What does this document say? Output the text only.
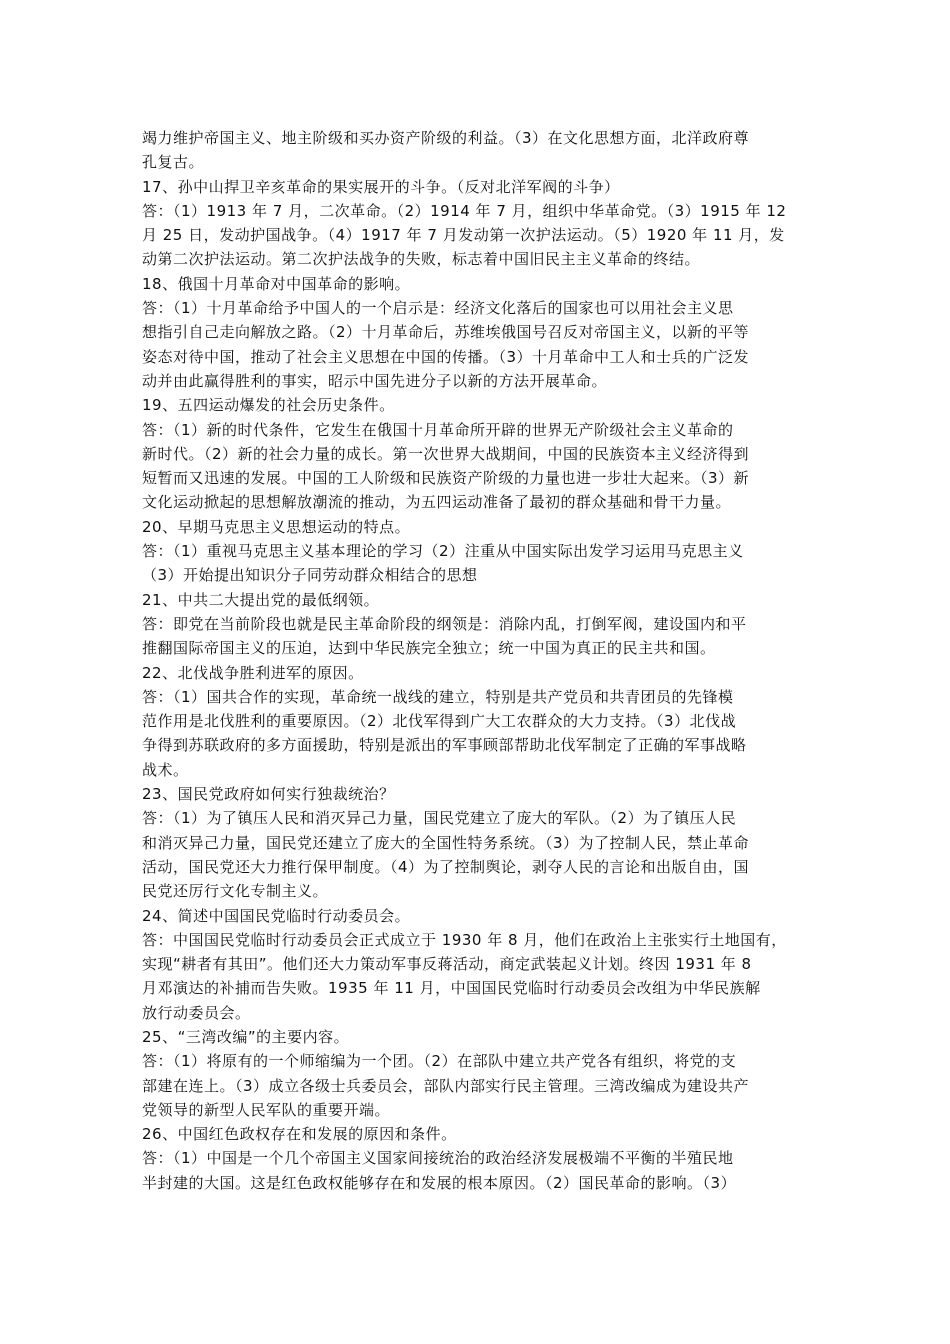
竭力维护帝国主义、地主阶级和买办资产阶级的利益。（3）在文化思想方面，北洋政府尊
孔复古。
17、孙中山捍卫辛亥革命的果实展开的斗争。（反对北洋军阀的斗争）
答：（1）1913 年 7 月，二次革命。（2）1914 年 7 月，组织中华革命党。（3）1915 年 12
月 25 日，发动护国战争。（4）1917 年 7 月发动第一次护法运动。（5）1920 年 11 月，发
动第二次护法运动。第二次护法战争的失败，标志着中国旧民主主义革命的终结。
18、俄国十月革命对中国革命的影响。
答：（1）十月革命给予中国人的一个启示是：经济文化落后的国家也可以用社会主义思
想指引自己走向解放之路。（2）十月革命后，苏维埃俄国号召反对帝国主义，以新的平等
姿态对待中国，推动了社会主义思想在中国的传播。（3）十月革命中工人和士兵的广泛发
动并由此赢得胜利的事实，昭示中国先进分子以新的方法开展革命。
19、五四运动爆发的社会历史条件。
答：（1）新的时代条件，它发生在俄国十月革命所开辟的世界无产阶级社会主义革命的
新时代。（2）新的社会力量的成长。第一次世界大战期间，中国的民族资本主义经济得到
短暂而又迅速的发展。中国的工人阶级和民族资产阶级的力量也进一步壮大起来。（3）新
文化运动掀起的思想解放潮流的推动，为五四运动准备了最初的群众基础和骨干力量。
20、早期马克思主义思想运动的特点。
答：（1）重视马克思主义基本理论的学习（2）注重从中国实际出发学习运用马克思主义
（3）开始提出知识分子同劳动群众相结合的思想
21、中共二大提出党的最低纲领。
答：即党在当前阶段也就是民主革命阶段的纲领是：消除内乱，打倒军阀，建设国内和平
推翻国际帝国主义的压迫，达到中华民族完全独立；统一中国为真正的民主共和国。
22、北伐战争胜利进军的原因。
答：（1）国共合作的实现，革命统一战线的建立，特别是共产党员和共青团员的先锋模
范作用是北伐胜利的重要原因。（2）北伐军得到广大工农群众的大力支持。（3）北伐战
争得到苏联政府的多方面援助，特别是派出的军事顾部帮助北伐军制定了正确的军事战略
战术。
23、国民党政府如何实行独裁统治？
答：（1）为了镇压人民和消灭异己力量，国民党建立了庞大的军队。（2）为了镇压人民
和消灭异己力量，国民党还建立了庞大的全国性特务系统。（3）为了控制人民，禁止革命
活动，国民党还大力推行保甲制度。（4）为了控制舆论，剥夺人民的言论和出版自由，国
民党还厉行文化专制主义。
24、简述中国国民党临时行动委员会。
答：中国国民党临时行动委员会正式成立于 1930 年 8 月，他们在政治上主张实行土地国有，
实现“耕者有其田”。他们还大力策动军事反蒋活动，商定武装起义计划。终因 1931 年 8
月邓演达的补捕而告失败。1935 年 11 月，中国国民党临时行动委员会改组为中华民族解
放行动委员会。
25、“三湾改编”的主要内容。
答：（1）将原有的一个师缩编为一个团。（2）在部队中建立共产党各有组织，将党的支
部建在连上。（3）成立各级士兵委员会，部队内部实行民主管理。三湾改编成为建设共产
党领导的新型人民军队的重要开端。
26、中国红色政权存在和发展的原因和条件。
答：（1）中国是一个几个帝国主义国家间接统治的政治经济发展极端不平衡的半殖民地
半封建的大国。这是红色政权能够存在和发展的根本原因。（2）国民革命的影响。（3）
